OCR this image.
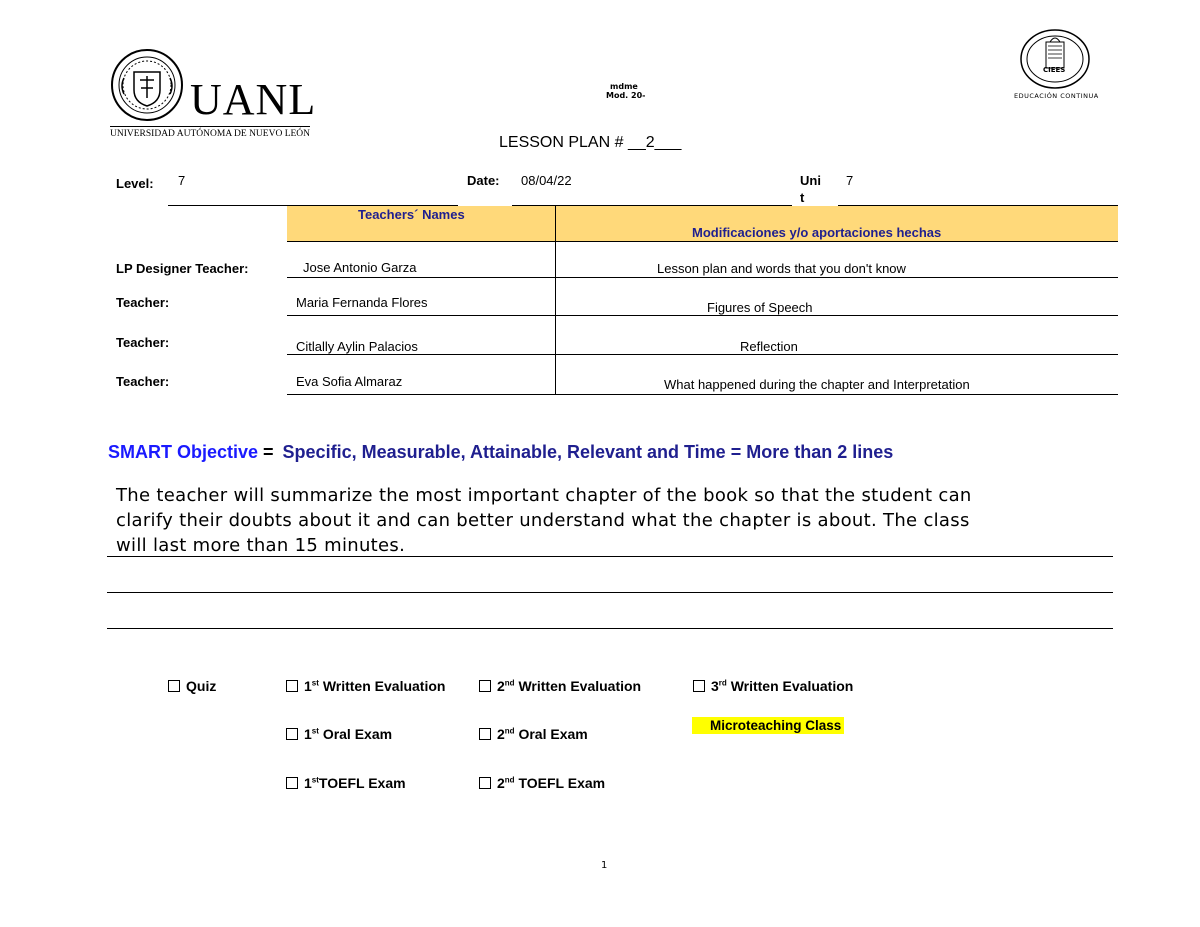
UANL
UNIVERSIDAD AUTÓNOMA DE NUEVO LEÓN
mdme
Mod. 20-
CIEES
EDUCACIÓN CONTINUA
LESSON PLAN # __2___
Level: 7	Date: 08/04/22	Uni
t
7
Teachers´ Names
Modificaciones y/o aportaciones hechas
LP Designer Teacher:	Jose Antonio Garza	Lesson plan and words that you don't know
Teacher:	Maria Fernanda Flores	Figures of Speech
Teacher:	Citlally Aylin Palacios	Reflection
Teacher:	Eva Sofia Almaraz	What happened during the chapter and Interpretation
SMART Objective = Specific, Measurable, Attainable, Relevant and Time = More than 2 lines
The teacher will summarize the most important chapter of the book so that the student can
clarify their doubts about it and can better understand what the chapter is about. The class
will last more than 15 minutes.
Quiz	1st Written Evaluation	2nd Written Evaluation	3rd Written Evaluation
1st Oral Exam	2nd Oral Exam
Microteaching Class
1stTOEFL Exam	2nd TOEFL Exam
1
